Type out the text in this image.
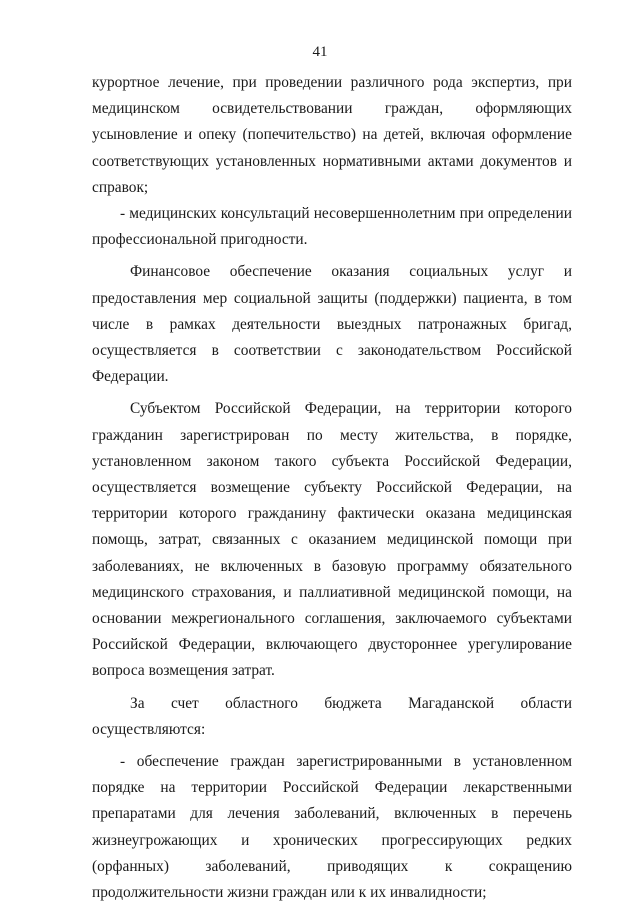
41

курортное лечение, при проведении различного рода экспертиз, при медицинском освидетельствовании граждан, оформляющих усыновление и опеку (попечительство) на детей, включая оформление соответствующих установленных нормативными актами документов и справок;

- медицинских консультаций несовершеннолетним при определении профессиональной пригодности.

Финансовое обеспечение оказания социальных услуг и предоставления мер социальной защиты (поддержки) пациента, в том числе в рамках деятельности выездных патронажных бригад, осуществляется в соответствии с законодательством Российской Федерации.

Субъектом Российской Федерации, на территории которого гражданин зарегистрирован по месту жительства, в порядке, установленном законом такого субъекта Российской Федерации, осуществляется возмещение субъекту Российской Федерации, на территории которого гражданину фактически оказана медицинская помощь, затрат, связанных с оказанием медицинской помощи при заболеваниях, не включенных в базовую программу обязательного медицинского страхования, и паллиативной медицинской помощи, на основании межрегионального соглашения, заключаемого субъектами Российской Федерации, включающего двустороннее урегулирование вопроса возмещения затрат.

За счет областного бюджета Магаданской области осуществляются:

- обеспечение граждан зарегистрированными в установленном порядке на территории Российской Федерации лекарственными препаратами для лечения заболеваний, включенных в перечень жизнеугрожающих и хронических прогрессирующих редких (орфанных) заболеваний, приводящих к сокращению продолжительности жизни граждан или к их инвалидности;
